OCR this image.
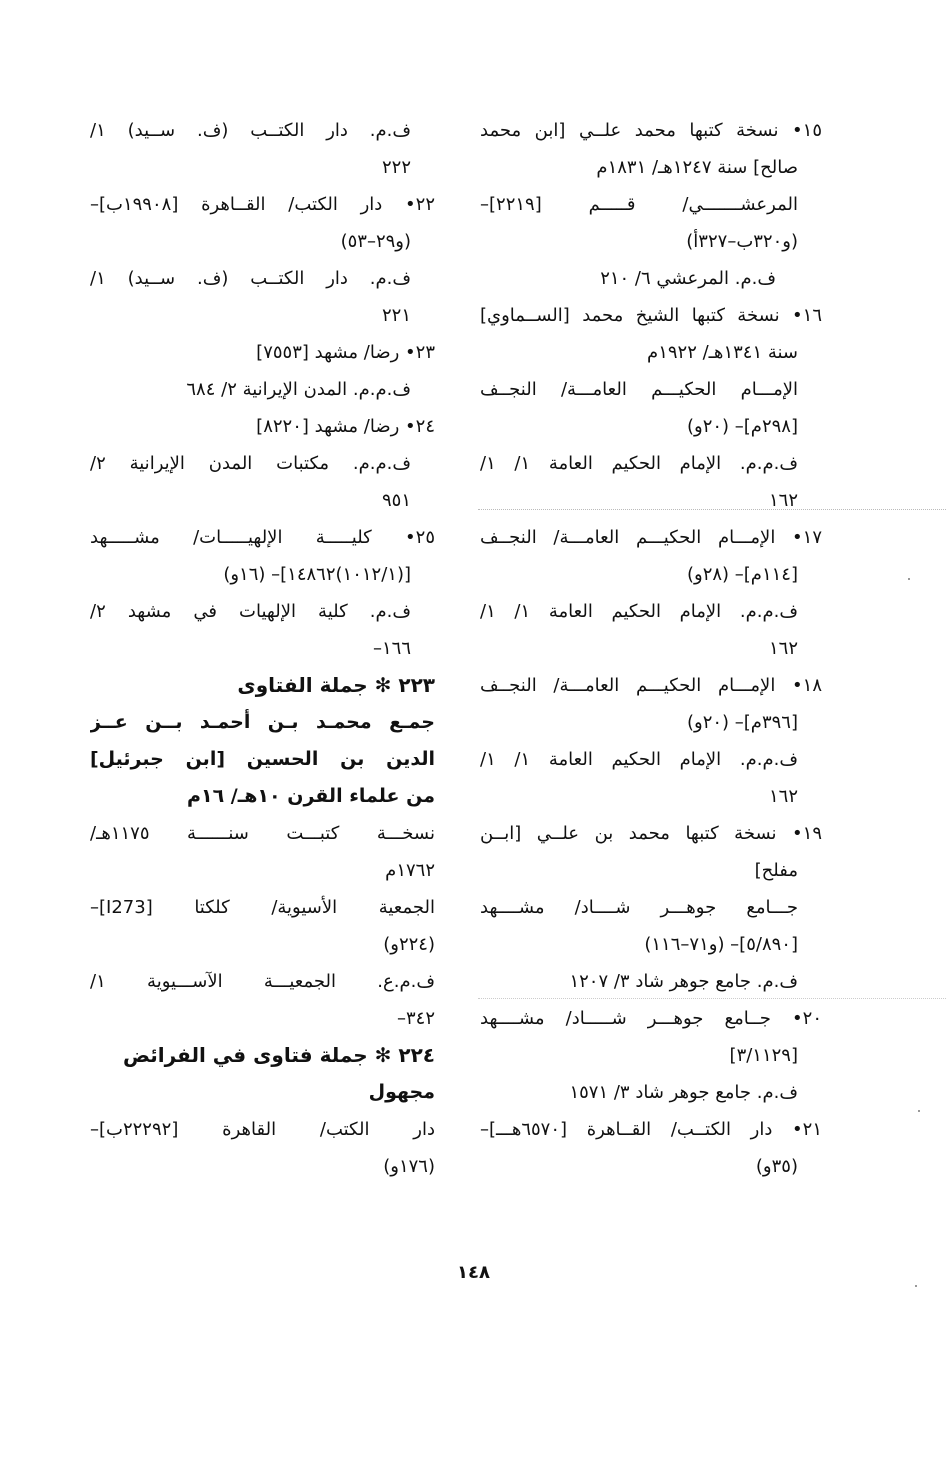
١٥• نسخة كتبها محمد علــي [ابن محمد
صالح] سنة ١٢٤٧هـ/ ١٨٣١م
المرعشـــــــي/ قـــــم [٢٢١٩]–
(و٣٢٠ب–٣٢٧أ)
ف.م. المرعشي ٦/ ٢١٠
١٦• نسخة كتبها الشيخ محمد [الســماوي]
سنة ١٣٤١هـ/ ١٩٢٢م
الإمـــام الحكيـــم العامـــة/ النجــف
[٢٩٨م]– (٢٠و)
ف.م.م. الإمام الحكيم العامة ١/ ١/
١٦٢
١٧• الإمـــام الحكيـــم العامـــة/ النجــف
[١١٤م]– (٢٨و)
ف.م.م. الإمام الحكيم العامة ١/ ١/
١٦٢
١٨• الإمـــام الحكيـــم العامـــة/ النجــف
[٣٩٦م]– (٢٠و)
ف.م.م. الإمام الحكيم العامة ١/ ١/
١٦٢
١٩• نسخة كتبها محمد بن علــي [ابــن
مفلح]
جـــامع جوهـــر شــــاد/ مشــــهد
[٥/٨٩٠]– (و٧١–١١٦)
ف.م. جامع جوهر شاد ٣/ ١٢٠٧
٢٠• جــامع جوهـــر شـــــاد/ مشــــهد
[٣/١١٢٩]
ف.م. جامع جوهر شاد ٣/ ١٥٧١
٢١• دار الكتــب/ القــاهرة [٦٥٧٠هـــ]–
(٣٥و)
ف.م. دار الكتــب (ف. ســيد) ١/
٢٢٢
٢٢• دار الكتب/ القــاهرة [١٩٩٠٨ب]–
(و٢٩–٥٣)
ف.م. دار الكتــب (ف. ســيد) ١/
٢٢١
٢٣• رضا/ مشهد [٧٥٥٣]
ف.م.م. المدن الإيرانية ٢/ ٦٨٤
٢٤• رضا/ مشهد [٨٢٢٠]
ف.م.م. مكتبات المدن الإيرانية ٢/
٩٥١
٢٥• كليـــــة الإلهيـــــات/ مشـــــهد
[(١٠١٢/١)١٤٨٦٢]– (١٦و)
ف.م. كلية الإلهيات في مشهد ٢/
١٦٦–
٢٢٣ ✻ جملة الفتاوى
جمـع محمـد بـن أحمـد بــن عــز
الدين بن الحسين [ابن جبرئيل]
من علماء القرن ١٠هـ/ ١٦م
نسخـــة كتبـــت سنــــــة ١١٧٥هـ/
١٧٦٢م
الجمعية الأسيوية/ كلكتا [I273]–
(٢٢٤و)
ف.م.ع. الجمعيـــة الآســـيوية ١/
٣٤٢–
٢٢٤ ✻ جملة فتاوى في الفرائض
مجهول
دار الكتب/ القاهرة [٢٢٢٩٢ب]–
(١٧٦و)
١٤٨
